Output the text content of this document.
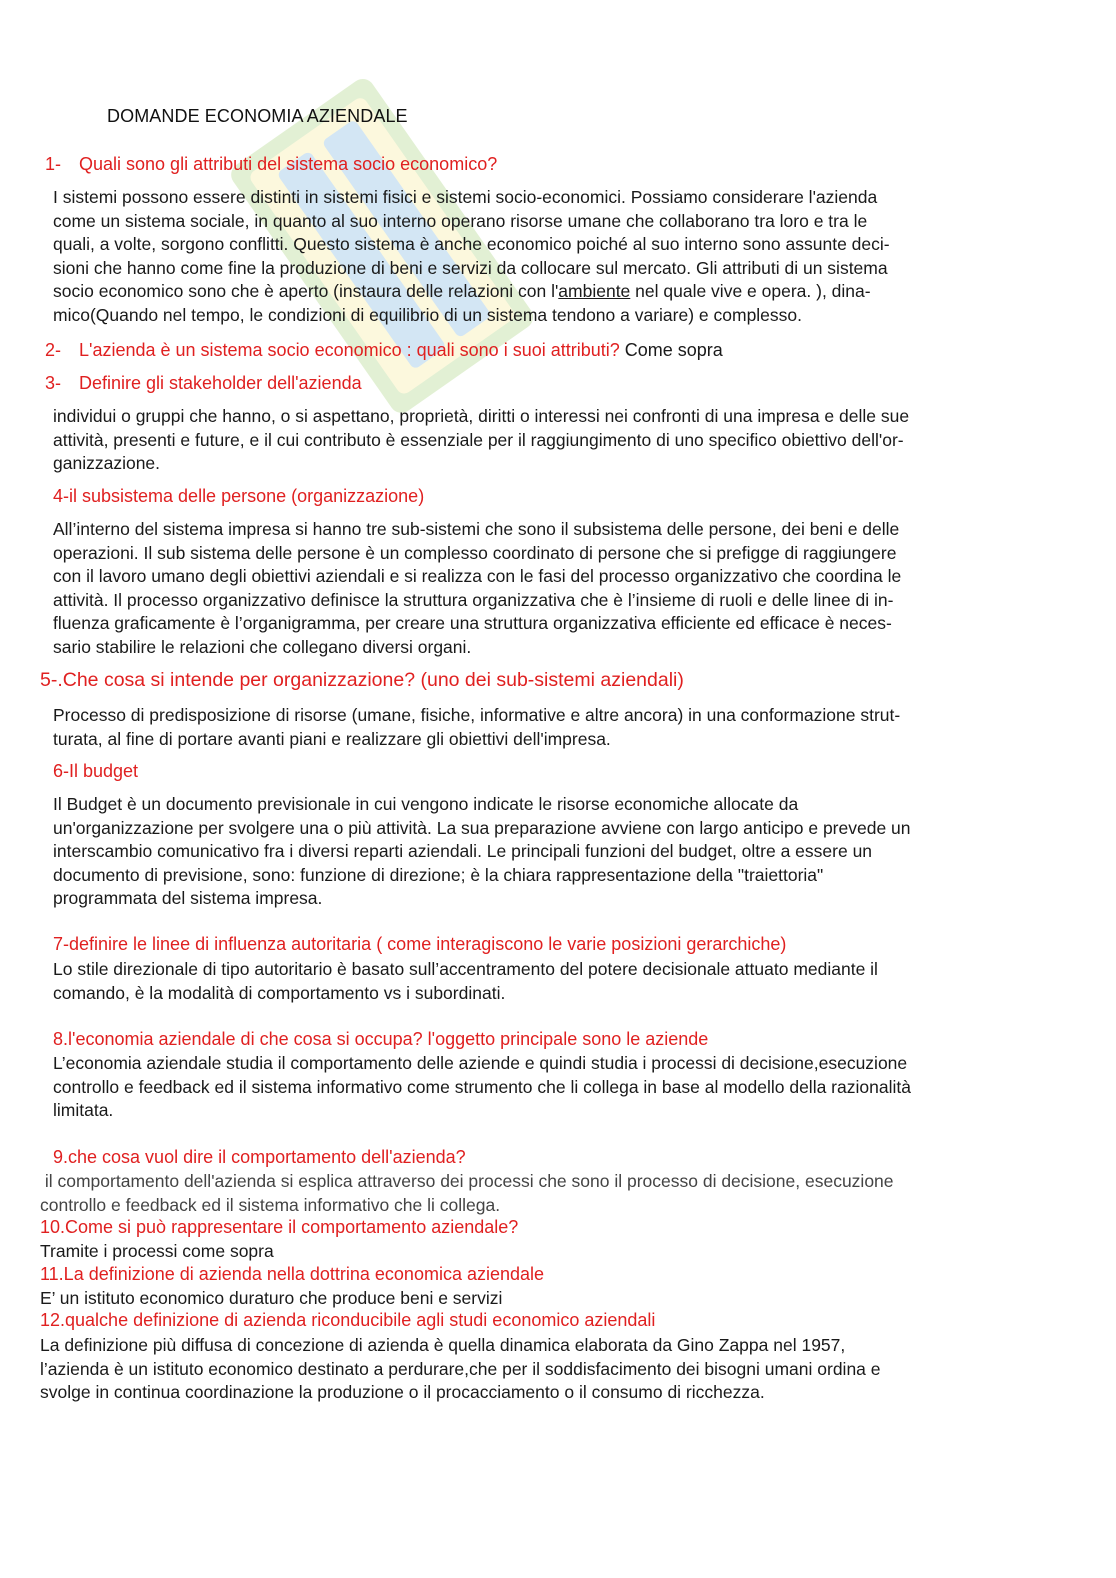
DOMANDE ECONOMIA AZIENDALE
1- Quali sono gli attributi del sistema socio economico?

I sistemi possono essere distinti in sistemi fisici e sistemi socio-economici. Possiamo considerare l'azienda

come un sistema sociale, in quanto al suo interno operano risorse umane che collaborano tra loro e tra le

quali, a volte, sorgono conflitti. Questo sistema è anche economico poiché al suo interno sono assunte deci-

sioni che hanno come fine la produzione di beni e servizi da collocare sul mercato. Gli attributi di un sistema

socio economico sono che è aperto (instaura delle relazioni con l'ambiente nel quale vive e opera. ), dina-

mico(Quando nel tempo, le condizioni di equilibrio di un sistema tendono a variare) e complesso.

2- L'azienda è un sistema socio economico : quali sono i suoi attributi? Come sopra
3- Definire gli stakeholder dell'azienda

individui o gruppi che hanno, o si aspettano, proprietà, diritti o interessi nei confronti di una impresa e delle sue

attività, presenti e future, e il cui contributo è essenziale per il raggiungimento di uno specifico obiettivo dell'or-

ganizzazione.

4-il subsistema delle persone (organizzazione)

All’interno del sistema impresa si hanno tre sub-sistemi che sono il subsistema delle persone, dei beni e delle

operazioni. Il sub sistema delle persone è un complesso coordinato di persone che si prefigge di raggiungere

con il lavoro umano degli obiettivi aziendali e si realizza con le fasi del processo organizzativo che coordina le

attività. Il processo organizzativo definisce la struttura organizzativa che è l’insieme di ruoli e delle linee di in-

fluenza graficamente è l’organigramma, per creare una struttura organizzativa efficiente ed efficace è neces-

sario stabilire le relazioni che collegano diversi organi.

5-.Che cosa si intende per organizzazione? (uno dei sub-sistemi aziendali)

Processo di predisposizione di risorse (umane, fisiche, informative e altre ancora) in una conformazione strut-

turata, al fine di portare avanti piani e realizzare gli obiettivi dell'impresa.

6-Il budget

Il Budget è un documento previsionale in cui vengono indicate le risorse economiche allocate da

un'organizzazione per svolgere una o più attività. La sua preparazione avviene con largo anticipo e prevede un

interscambio comunicativo fra i diversi reparti aziendali. Le principali funzioni del budget, oltre a essere un

documento di previsione, sono: funzione di direzione; è la chiara rappresentazione della "traiettoria"

programmata del sistema impresa.

7-definire le linee di influenza autoritaria ( come interagiscono le varie posizioni gerarchiche)

Lo stile direzionale di tipo autoritario è basato sull’accentramento del potere decisionale attuato mediante il

comando, è la modalità di comportamento vs i subordinati.

8.l'economia aziendale di che cosa si occupa? l'oggetto principale sono le aziende

L’economia aziendale studia il comportamento delle aziende e quindi studia i processi di decisione,esecuzione

controllo e feedback ed il sistema informativo come strumento che li collega in base al modello della razionalità

limitata.

9.che cosa vuol dire il comportamento dell'azienda?

il comportamento dell'azienda si esplica attraverso dei processi che sono il processo di decisione, esecuzione

controllo e feedback ed il sistema informativo che li collega.

10.Come si può rappresentare il comportamento aziendale?

Tramite i processi come sopra

11.La definizione di azienda nella dottrina economica aziendale

E’ un istituto economico duraturo che produce beni e servizi

12.qualche definizione di azienda riconducibile agli studi economico aziendali

La definizione più diffusa di concezione di azienda è quella dinamica elaborata da Gino Zappa nel 1957,

l’azienda è un istituto economico destinato a perdurare,che per il soddisfacimento dei bisogni umani ordina e

svolge in continua coordinazione la produzione o il procacciamento o il consumo di ricchezza.
